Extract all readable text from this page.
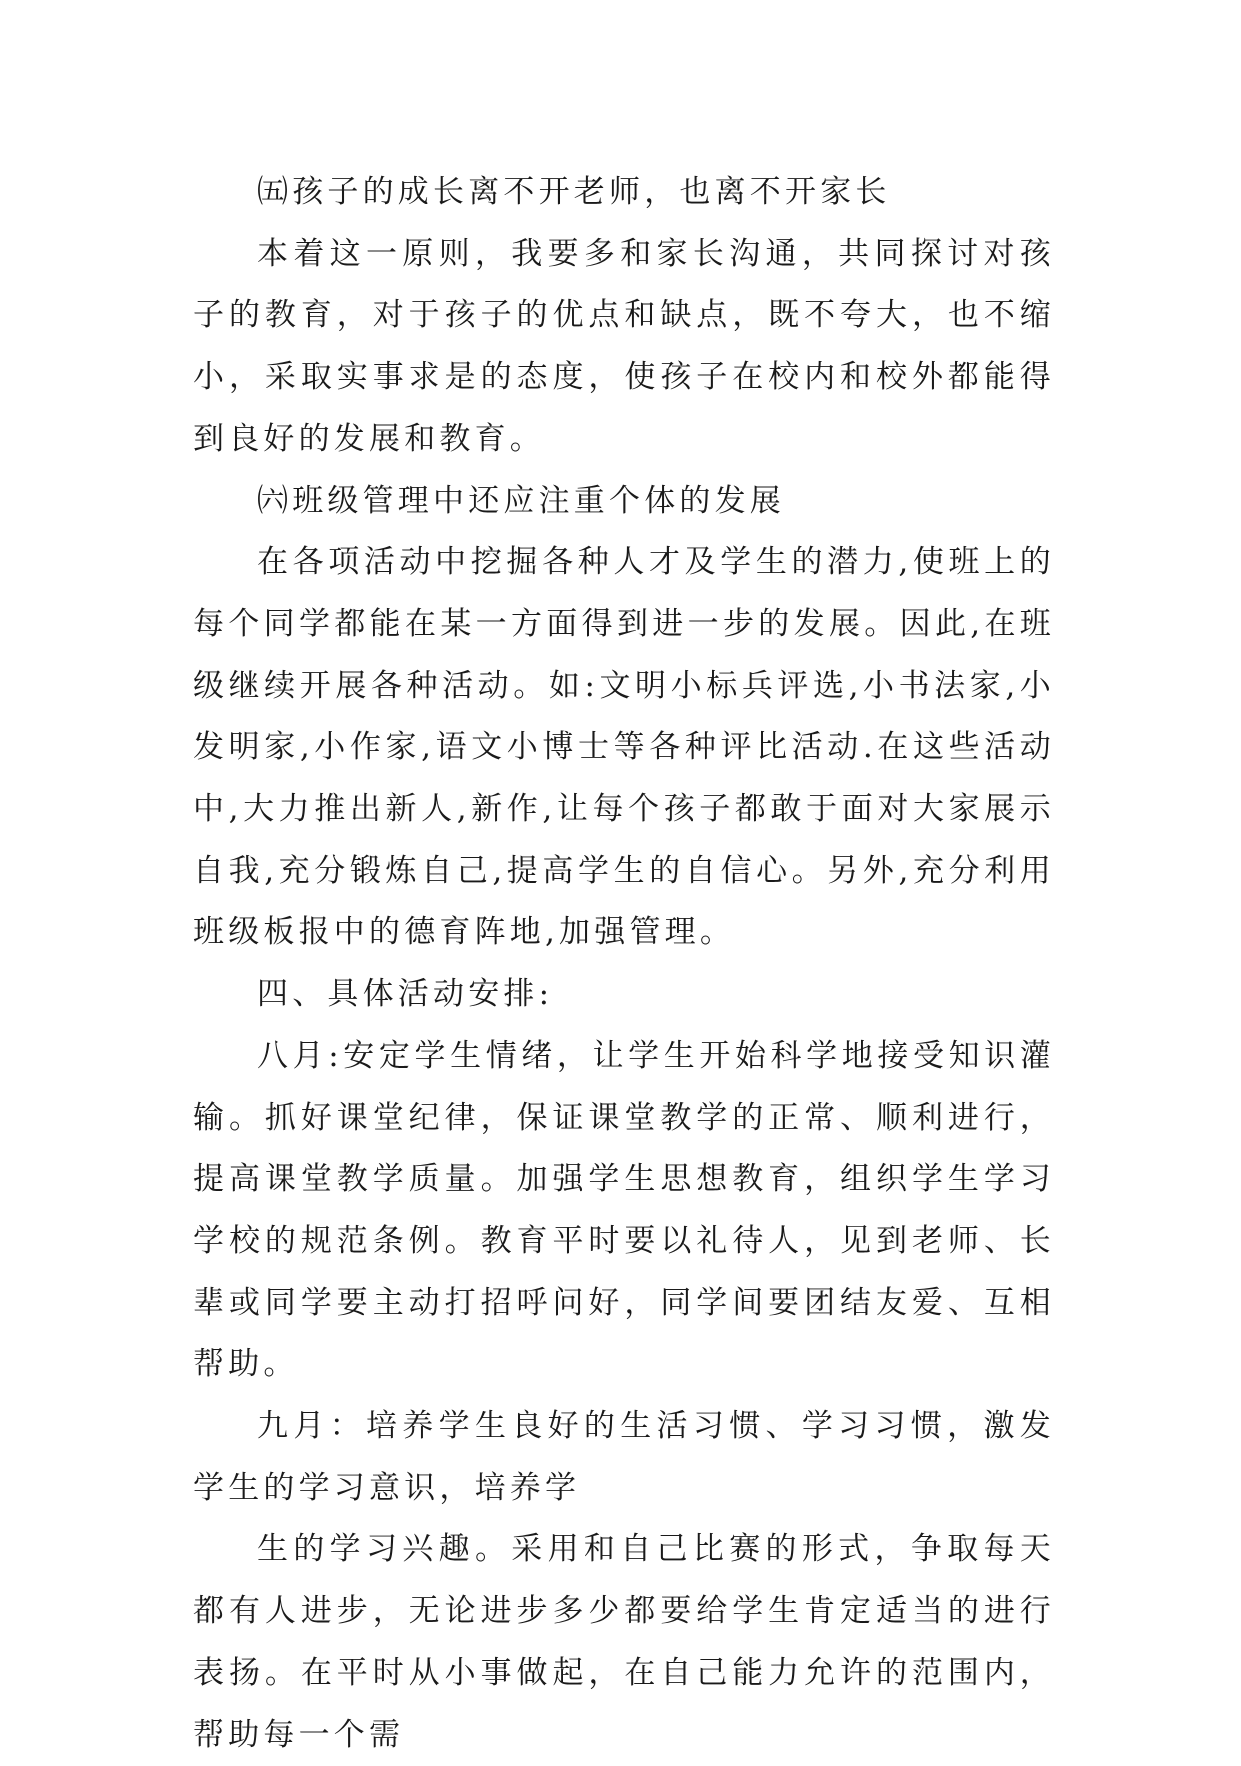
㈤孩子的成长离不开老师，也离不开家长

本着这一原则，我要多和家长沟通，共同探讨对孩子的教育，对于孩子的优点和缺点，既不夸大，也不缩小，采取实事求是的态度，使孩子在校内和校外都能得到良好的发展和教育。

㈥班级管理中还应注重个体的发展

在各项活动中挖掘各种人才及学生的潜力,使班上的每个同学都能在某一方面得到进一步的发展。因此,在班级继续开展各种活动。如:文明小标兵评选,小书法家,小发明家,小作家,语文小博士等各种评比活动.在这些活动中,大力推出新人,新作,让每个孩子都敢于面对大家展示自我,充分锻炼自己,提高学生的自信心。另外,充分利用班级板报中的德育阵地,加强管理。

四、具体活动安排:

八月:安定学生情绪，让学生开始科学地接受知识灌输。抓好课堂纪律，保证课堂教学的正常、顺利进行，提高课堂教学质量。加强学生思想教育，组织学生学习学校的规范条例。教育平时要以礼待人，见到老师、长辈或同学要主动打招呼问好，同学间要团结友爱、互相帮助。

九月：培养学生良好的生活习惯、学习习惯，激发学生的学习意识，培养学

生的学习兴趣。采用和自己比赛的形式，争取每天都有人进步，无论进步多少都要给学生肯定适当的进行表扬。在平时从小事做起，在自己能力允许的范围内，帮助每一个需
